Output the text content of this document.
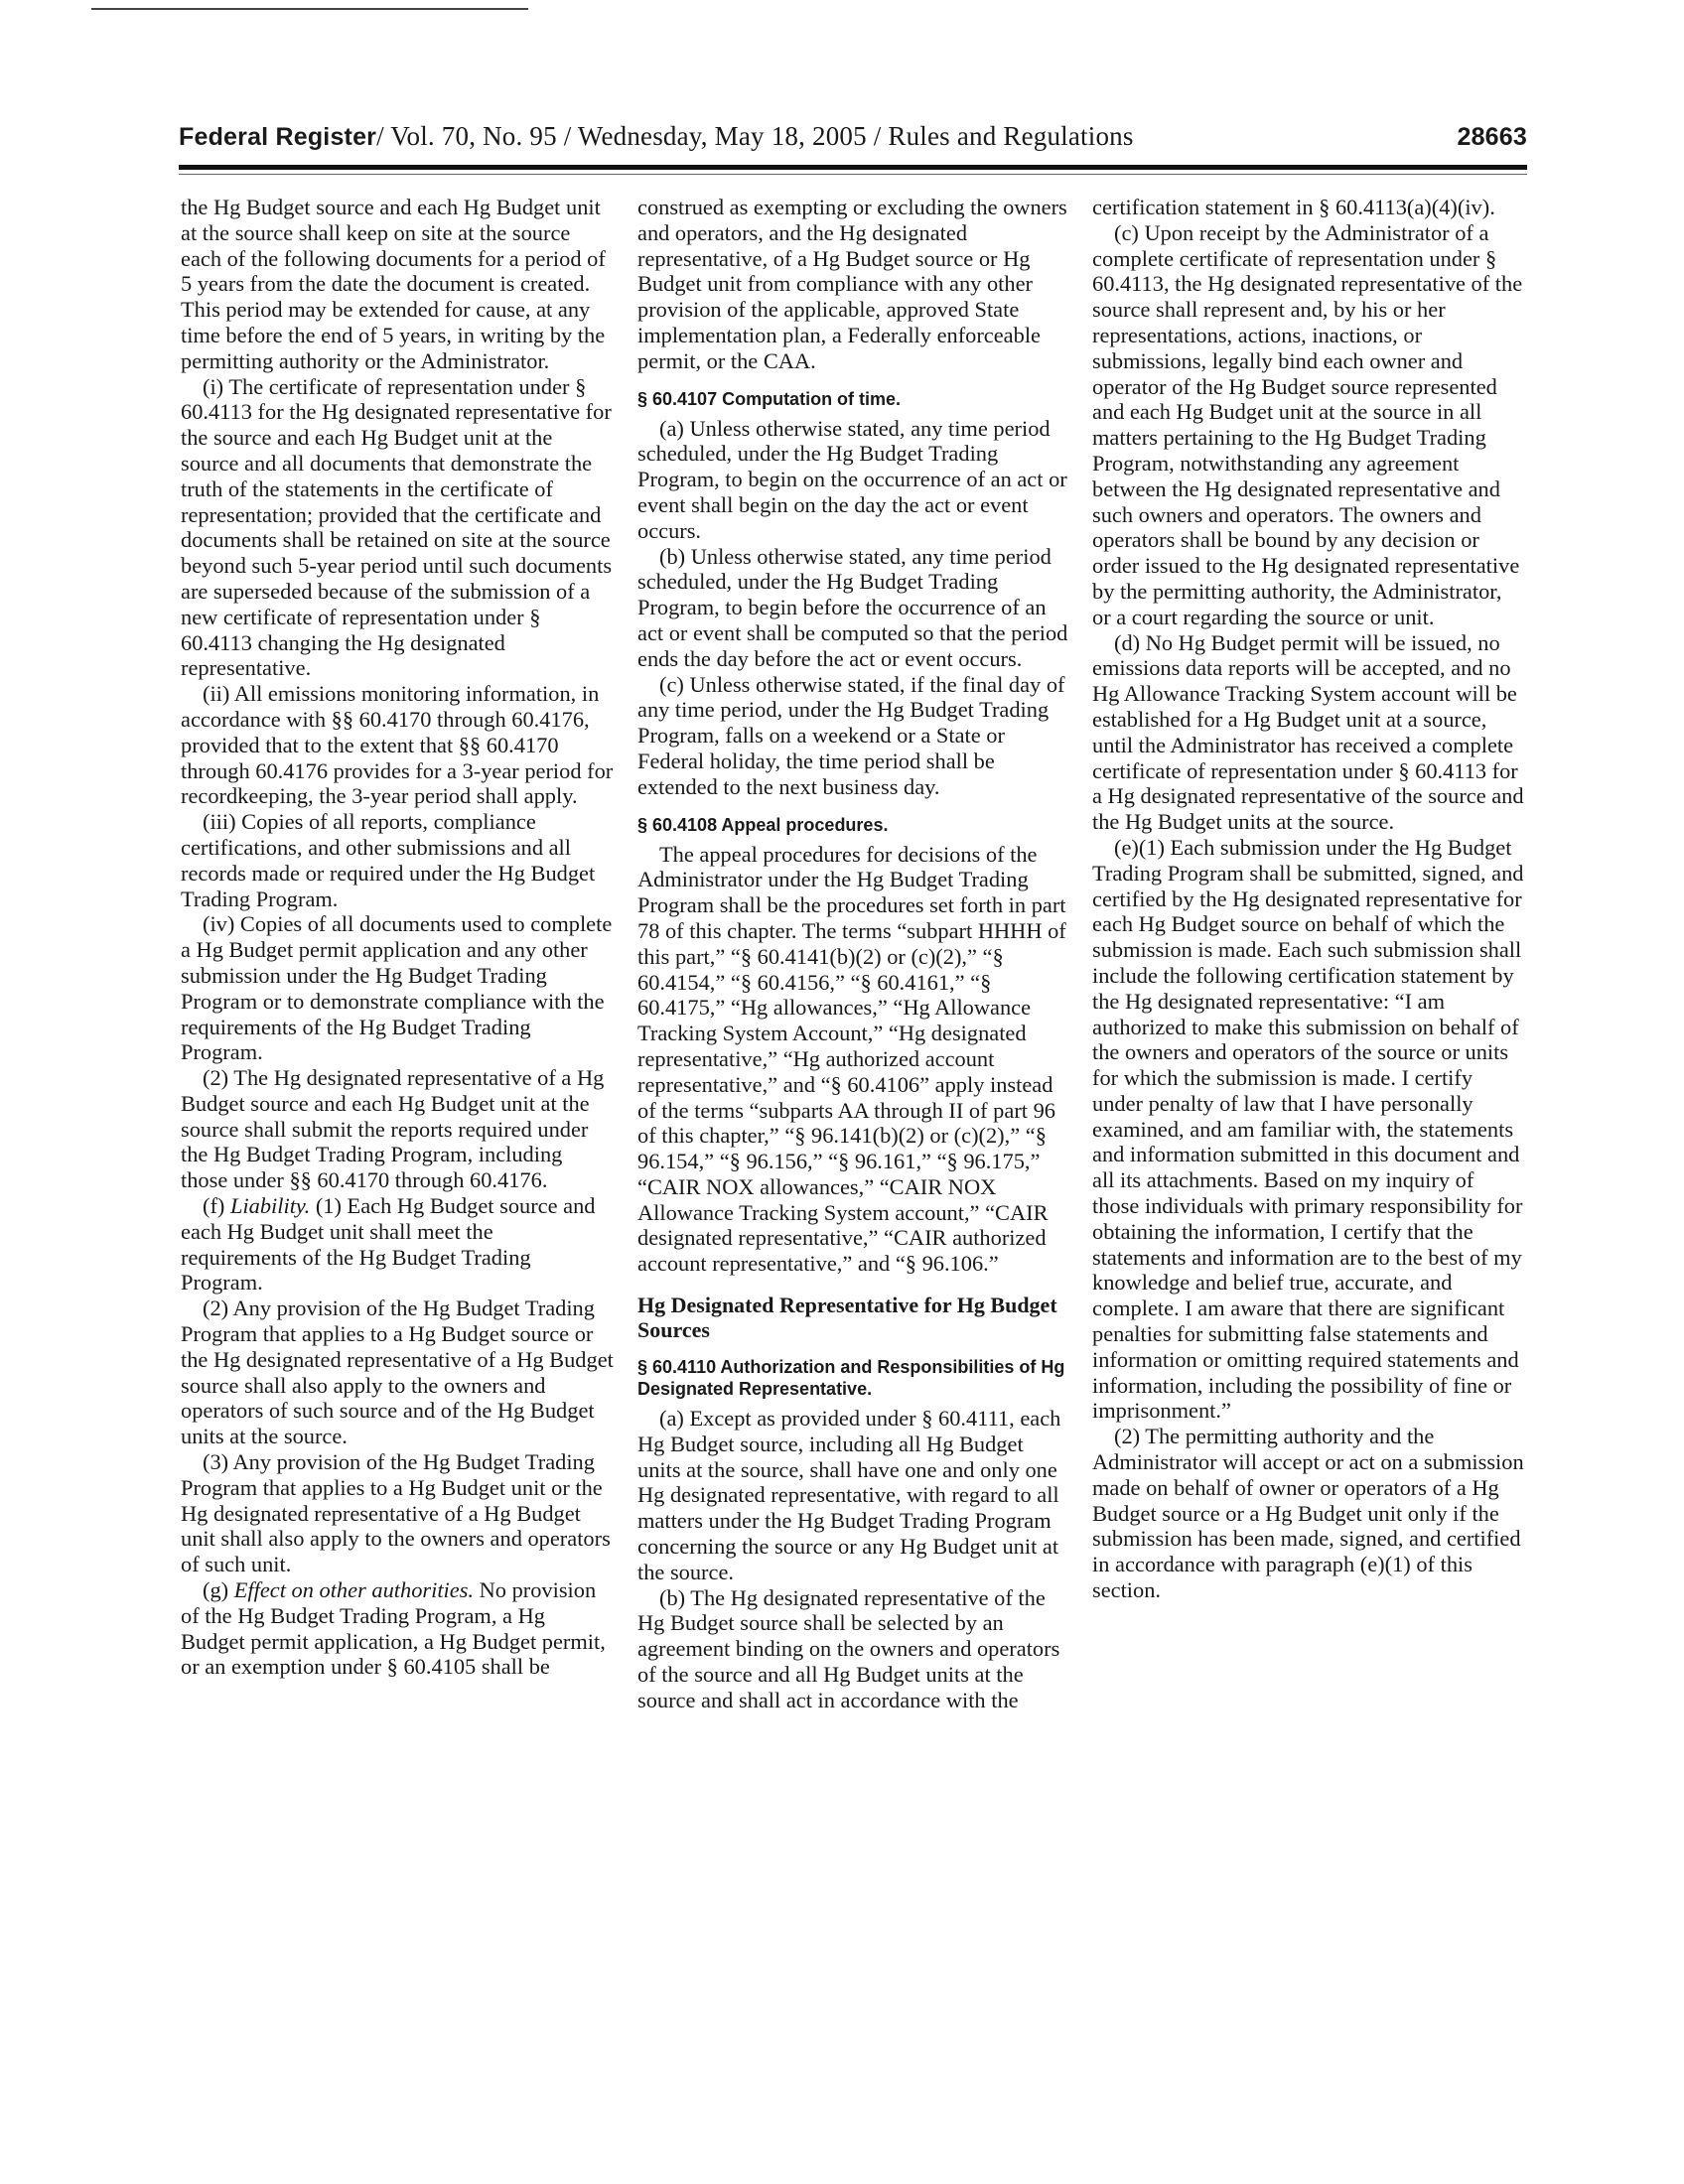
Federal Register / Vol. 70, No. 95 / Wednesday, May 18, 2005 / Rules and Regulations	28663

the Hg Budget source and each Hg Budget unit at the source shall keep on site at the source each of the following documents for a period of 5 years from the date the document is created. This period may be extended for cause, at any time before the end of 5 years, in writing by the permitting authority or the Administrator.

(i) The certificate of representation under § 60.4113 for the Hg designated representative for the source and each Hg Budget unit at the source and all documents that demonstrate the truth of the statements in the certificate of representation; provided that the certificate and documents shall be retained on site at the source beyond such 5-year period until such documents are superseded because of the submission of a new certificate of representation under § 60.4113 changing the Hg designated representative.

(ii) All emissions monitoring information, in accordance with §§ 60.4170 through 60.4176, provided that to the extent that §§ 60.4170 through 60.4176 provides for a 3-year period for recordkeeping, the 3-year period shall apply.

(iii) Copies of all reports, compliance certifications, and other submissions and all records made or required under the Hg Budget Trading Program.

(iv) Copies of all documents used to complete a Hg Budget permit application and any other submission under the Hg Budget Trading Program or to demonstrate compliance with the requirements of the Hg Budget Trading Program.

(2) The Hg designated representative of a Hg Budget source and each Hg Budget unit at the source shall submit the reports required under the Hg Budget Trading Program, including those under §§ 60.4170 through 60.4176.

(f) Liability. (1) Each Hg Budget source and each Hg Budget unit shall meet the requirements of the Hg Budget Trading Program.

(2) Any provision of the Hg Budget Trading Program that applies to a Hg Budget source or the Hg designated representative of a Hg Budget source shall also apply to the owners and operators of such source and of the Hg Budget units at the source.

(3) Any provision of the Hg Budget Trading Program that applies to a Hg Budget unit or the Hg designated representative of a Hg Budget unit shall also apply to the owners and operators of such unit.

(g) Effect on other authorities. No provision of the Hg Budget Trading Program, a Hg Budget permit application, a Hg Budget permit, or an exemption under § 60.4105 shall be

construed as exempting or excluding the owners and operators, and the Hg designated representative, of a Hg Budget source or Hg Budget unit from compliance with any other provision of the applicable, approved State implementation plan, a Federally enforceable permit, or the CAA.

§ 60.4107 Computation of time.

(a) Unless otherwise stated, any time period scheduled, under the Hg Budget Trading Program, to begin on the occurrence of an act or event shall begin on the day the act or event occurs.

(b) Unless otherwise stated, any time period scheduled, under the Hg Budget Trading Program, to begin before the occurrence of an act or event shall be computed so that the period ends the day before the act or event occurs.

(c) Unless otherwise stated, if the final day of any time period, under the Hg Budget Trading Program, falls on a weekend or a State or Federal holiday, the time period shall be extended to the next business day.

§ 60.4108 Appeal procedures.

The appeal procedures for decisions of the Administrator under the Hg Budget Trading Program shall be the procedures set forth in part 78 of this chapter. The terms “subpart HHHH of this part,” “§ 60.4141(b)(2) or (c)(2),” “§ 60.4154,” “§ 60.4156,” “§ 60.4161,” “§ 60.4175,” “Hg allowances,” “Hg Allowance Tracking System Account,” “Hg designated representative,” “Hg authorized account representative,” and “§ 60.4106” apply instead of the terms “subparts AA through II of part 96 of this chapter,” “§ 96.141(b)(2) or (c)(2),” “§ 96.154,” “§ 96.156,” “§ 96.161,” “§ 96.175,” “CAIR NOX allowances,” “CAIR NOX Allowance Tracking System account,” “CAIR designated representative,” “CAIR authorized account representative,” and “§ 96.106.”

Hg Designated Representative for Hg Budget Sources
§ 60.4110 Authorization and Responsibilities of Hg Designated Representative.

(a) Except as provided under § 60.4111, each Hg Budget source, including all Hg Budget units at the source, shall have one and only one Hg designated representative, with regard to all matters under the Hg Budget Trading Program concerning the source or any Hg Budget unit at the source.

(b) The Hg designated representative of the Hg Budget source shall be selected by an agreement binding on the owners and operators of the source and all Hg Budget units at the source and shall act in accordance with the

certification statement in § 60.4113(a)(4)(iv).

(c) Upon receipt by the Administrator of a complete certificate of representation under § 60.4113, the Hg designated representative of the source shall represent and, by his or her representations, actions, inactions, or submissions, legally bind each owner and operator of the Hg Budget source represented and each Hg Budget unit at the source in all matters pertaining to the Hg Budget Trading Program, notwithstanding any agreement between the Hg designated representative and such owners and operators. The owners and operators shall be bound by any decision or order issued to the Hg designated representative by the permitting authority, the Administrator, or a court regarding the source or unit.

(d) No Hg Budget permit will be issued, no emissions data reports will be accepted, and no Hg Allowance Tracking System account will be established for a Hg Budget unit at a source, until the Administrator has received a complete certificate of representation under § 60.4113 for a Hg designated representative of the source and the Hg Budget units at the source.

(e)(1) Each submission under the Hg Budget Trading Program shall be submitted, signed, and certified by the Hg designated representative for each Hg Budget source on behalf of which the submission is made. Each such submission shall include the following certification statement by the Hg designated representative: “I am authorized to make this submission on behalf of the owners and operators of the source or units for which the submission is made. I certify under penalty of law that I have personally examined, and am familiar with, the statements and information submitted in this document and all its attachments. Based on my inquiry of those individuals with primary responsibility for obtaining the information, I certify that the statements and information are to the best of my knowledge and belief true, accurate, and complete. I am aware that there are significant penalties for submitting false statements and information or omitting required statements and information, including the possibility of fine or imprisonment.”

(2) The permitting authority and the Administrator will accept or act on a submission made on behalf of owner or operators of a Hg Budget source or a Hg Budget unit only if the submission has been made, signed, and certified in accordance with paragraph (e)(1) of this section.
